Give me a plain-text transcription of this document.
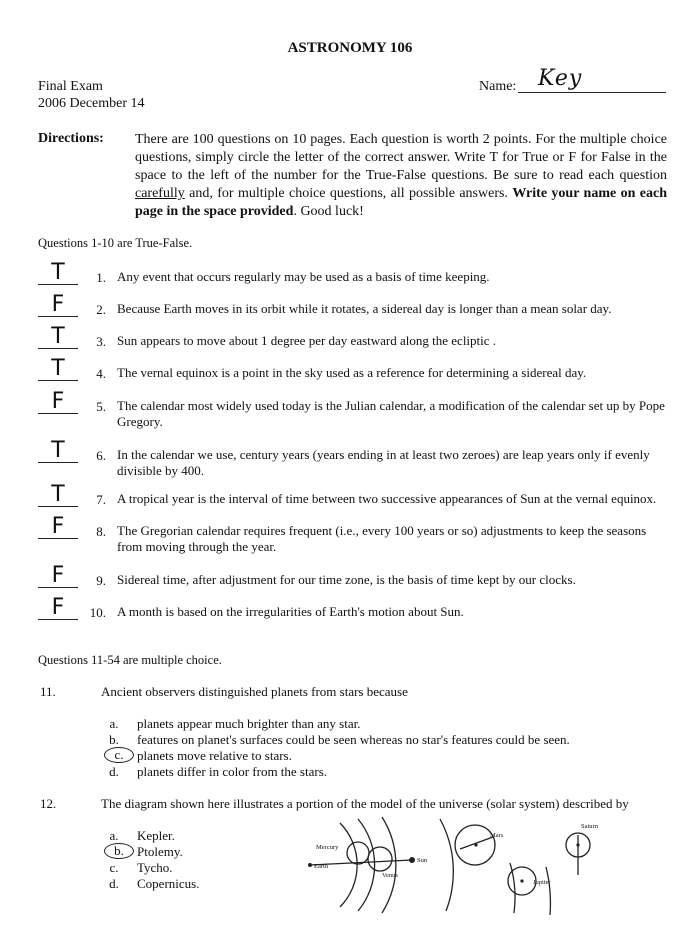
ASTRONOMY 106
Final Exam
2006 December 14
Name: Key
Directions: There are 100 questions on 10 pages. Each question is worth 2 points. For the multiple choice questions, simply circle the letter of the correct answer. Write T for True or F for False in the space to the left of the number for the True-False questions. Be sure to read each question carefully and, for multiple choice questions, all possible answers. Write your name on each page in the space provided. Good luck!
Questions 1-10 are True-False.
T	1. Any event that occurs regularly may be used as a basis of time keeping.
F	2. Because Earth moves in its orbit while it rotates, a sidereal day is longer than a mean solar day.
T	3. Sun appears to move about 1 degree per day eastward along the ecliptic .
T	4. The vernal equinox is a point in the sky used as a reference for determining a sidereal day.
F	5. The calendar most widely used today is the Julian calendar, a modification of the calendar set up by Pope Gregory.
T	6. In the calendar we use, century years (years ending in at least two zeroes) are leap years only if evenly divisible by 400.
T	7. A tropical year is the interval of time between two successive appearances of Sun at the vernal equinox.
F	8. The Gregorian calendar requires frequent (i.e., every 100 years or so) adjustments to keep the seasons from moving through the year.
F	9. Sidereal time, after adjustment for our time zone, is the basis of time kept by our clocks.
F	10. A month is based on the irregularities of Earth's motion about Sun.
Questions 11-54 are multiple choice.
11.	Ancient observers distinguished planets from stars because
a.	planets appear much brighter than any star.
b.	features on planet's surfaces could be seen whereas no star's features could be seen.
c.	planets move relative to stars.
d.	planets differ in color from the stars.
12.	The diagram shown here illustrates a portion of the model of the universe (solar system) described by
a.	Kepler.
b.	Ptolemy.
c.	Tycho.
d.	Copernicus.
Mercury
Earth
Venus
Sun
Mars
Jupiter
Saturn
